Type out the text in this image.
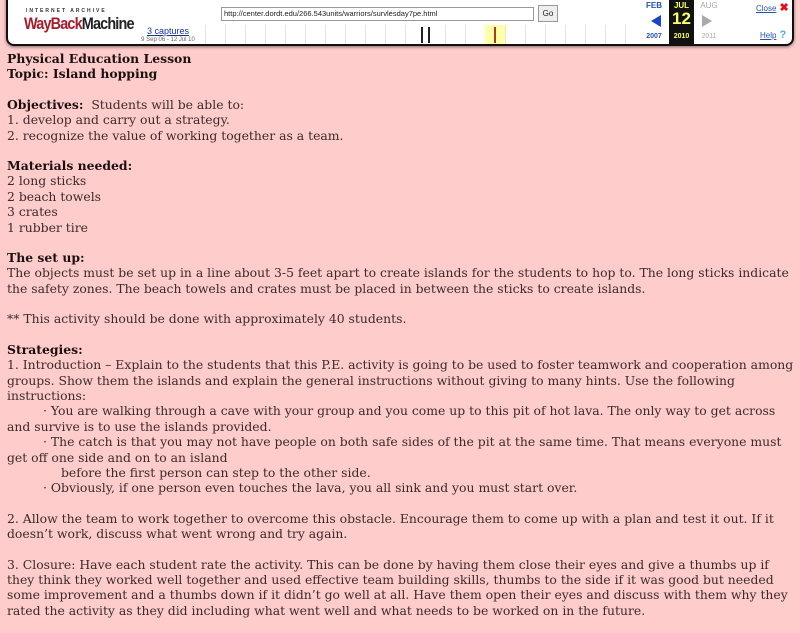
INTERNET ARCHIVE
WayBackMachine
http://center.dordt.edu/266.543units/warriors/survlesday7pe.html	Go
3 captures
9 Sep 06 - 12 Jul 10
FEB
2007
JUL
12
2010
AUG
2011
Close ✖
Help ?

Physical Education Lesson
Topic: Island hopping

Objectives:  Students will be able to:
1. develop and carry out a strategy.
2. recognize the value of working together as a team.

Materials needed:
2 long sticks
2 beach towels
3 crates
1 rubber tire

The set up:
The objects must be set up in a line about 3-5 feet apart to create islands for the students to hop to. The long sticks indicate the safety zones. The beach towels and crates must be placed in between the sticks to create islands.

** This activity should be done with approximately 40 students.

Strategies:
1. Introduction – Explain to the students that this P.E. activity is going to be used to foster teamwork and cooperation among groups. Show them the islands and explain the general instructions without giving to many hints. Use the following instructions:
· You are walking through a cave with your group and you come up to this pit of hot lava. The only way to get across and survive is to use the islands provided.
· The catch is that you may not have people on both safe sides of the pit at the same time. That means everyone must get off one side and on to an island
before the first person can step to the other side.
· Obviously, if one person even touches the lava, you all sink and you must start over.

2. Allow the team to work together to overcome this obstacle. Encourage them to come up with a plan and test it out. If it doesn’t work, discuss what went wrong and try again.

3. Closure: Have each student rate the activity. This can be done by having them close their eyes and give a thumbs up if they think they worked well together and used effective team building skills, thumbs to the side if it was good but needed some improvement and a thumbs down if it didn’t go well at all. Have them open their eyes and discuss with them why they rated the activity as they did including what went well and what needs to be worked on in the future.
